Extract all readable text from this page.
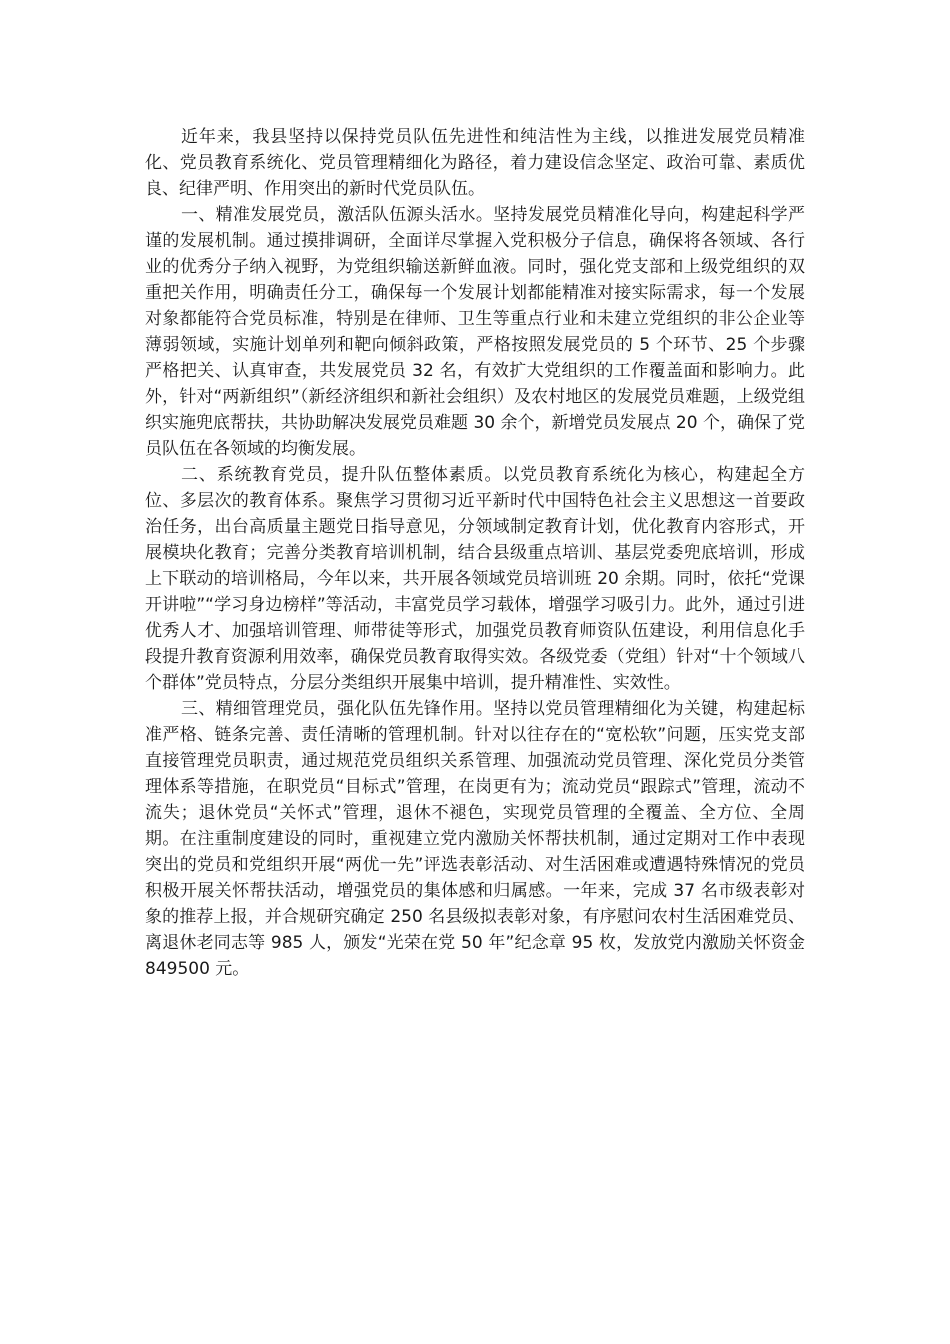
近年来，我县坚持以保持党员队伍先进性和纯洁性为主线，以推进发展党员精准化、党员教育系统化、党员管理精细化为路径，着力建设信念坚定、政治可靠、素质优良、纪律严明、作用突出的新时代党员队伍。

一、精准发展党员，激活队伍源头活水。坚持发展党员精准化导向，构建起科学严谨的发展机制。通过摸排调研，全面详尽掌握入党积极分子信息，确保将各领域、各行业的优秀分子纳入视野，为党组织输送新鲜血液。同时，强化党支部和上级党组织的双重把关作用，明确责任分工，确保每一个发展计划都能精准对接实际需求，每一个发展对象都能符合党员标准，特别是在律师、卫生等重点行业和未建立党组织的非公企业等薄弱领域，实施计划单列和靶向倾斜政策，严格按照发展党员的 5 个环节、25 个步骤严格把关、认真审查，共发展党员 32 名，有效扩大党组织的工作覆盖面和影响力。此外，针对“两新组织”（新经济组织和新社会组织）及农村地区的发展党员难题，上级党组织实施兜底帮扶，共协助解决发展党员难题 30 余个，新增党员发展点 20 个，确保了党员队伍在各领域的均衡发展。

二、系统教育党员，提升队伍整体素质。以党员教育系统化为核心，构建起全方位、多层次的教育体系。聚焦学习贯彻习近平新时代中国特色社会主义思想这一首要政治任务，出台高质量主题党日指导意见，分领域制定教育计划，优化教育内容形式，开展模块化教育；完善分类教育培训机制，结合县级重点培训、基层党委兜底培训，形成上下联动的培训格局，今年以来，共开展各领域党员培训班 20 余期。同时，依托“党课开讲啦”“学习身边榜样”等活动，丰富党员学习载体，增强学习吸引力。此外，通过引进优秀人才、加强培训管理、师带徒等形式，加强党员教育师资队伍建设，利用信息化手段提升教育资源利用效率，确保党员教育取得实效。各级党委（党组）针对“十个领域八个群体”党员特点，分层分类组织开展集中培训，提升精准性、实效性。

三、精细管理党员，强化队伍先锋作用。坚持以党员管理精细化为关键，构建起标准严格、链条完善、责任清晰的管理机制。针对以往存在的“宽松软”问题，压实党支部直接管理党员职责，通过规范党员组织关系管理、加强流动党员管理、深化党员分类管理体系等措施，在职党员“目标式”管理，在岗更有为；流动党员“跟踪式”管理，流动不流失；退休党员“关怀式”管理，退休不褪色，实现党员管理的全覆盖、全方位、全周期。在注重制度建设的同时，重视建立党内激励关怀帮扶机制，通过定期对工作中表现突出的党员和党组织开展“两优一先”评选表彰活动、对生活困难或遭遇特殊情况的党员积极开展关怀帮扶活动，增强党员的集体感和归属感。一年来，完成 37 名市级表彰对象的推荐上报，并合规研究确定 250 名县级拟表彰对象，有序慰问农村生活困难党员、离退休老同志等 985 人，颁发“光荣在党 50 年”纪念章 95 枚，发放党内激励关怀资金 849500 元。
